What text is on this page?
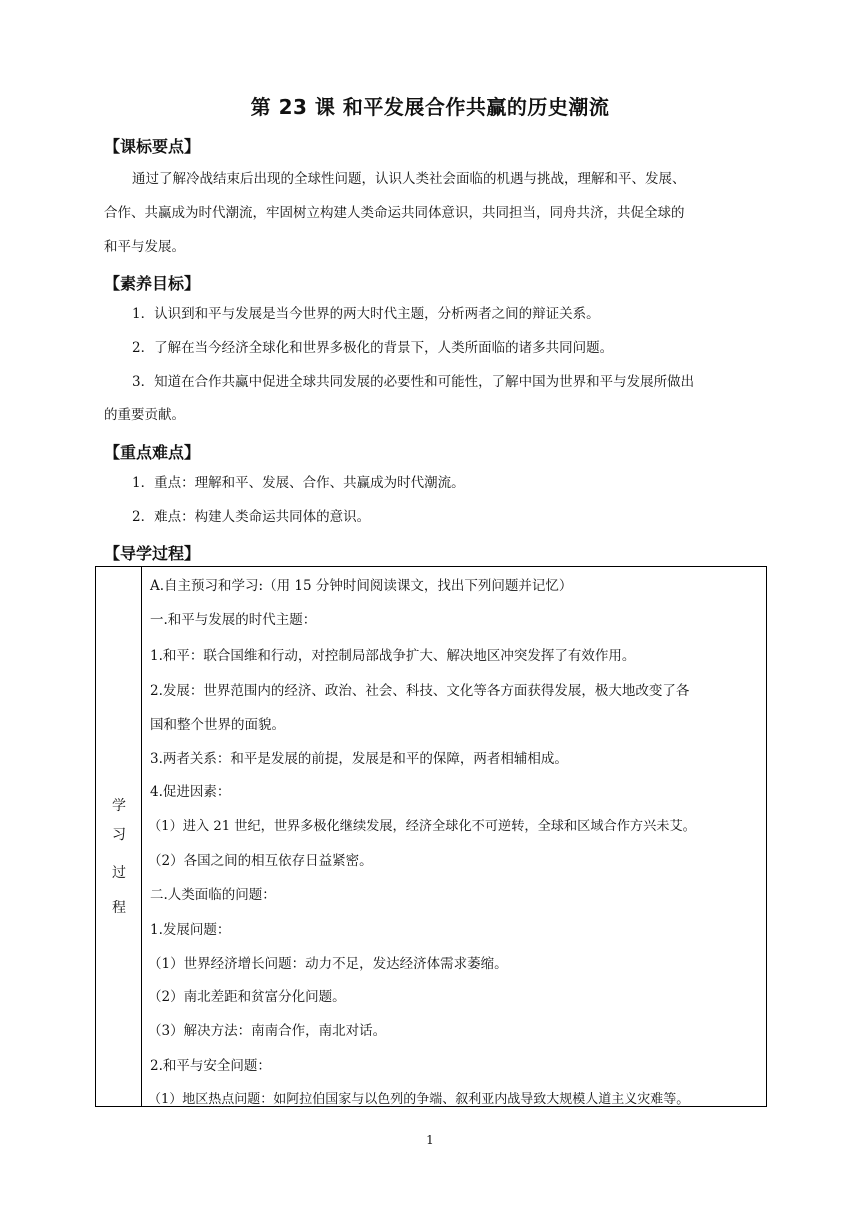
第 23 课 和平发展合作共赢的历史潮流
【课标要点】
通过了解冷战结束后出现的全球性问题，认识人类社会面临的机遇与挑战，理解和平、发展、
合作、共赢成为时代潮流，牢固树立构建人类命运共同体意识，共同担当，同舟共济，共促全球的
和平与发展。
【素养目标】
1．认识到和平与发展是当今世界的两大时代主题，分析两者之间的辩证关系。
2．了解在当今经济全球化和世界多极化的背景下，人类所面临的诸多共同问题。
3．知道在合作共赢中促进全球共同发展的必要性和可能性，了解中国为世界和平与发展所做出
的重要贡献。
【重点难点】
1．重点：理解和平、发展、合作、共赢成为时代潮流。
2．难点：构建人类命运共同体的意识。
【导学过程】
学
习
过
程
A.自主预习和学习:（用 15 分钟时间阅读课文，找出下列问题并记忆）
一.和平与发展的时代主题：
1.和平：联合国维和行动，对控制局部战争扩大、解决地区冲突发挥了有效作用。
2.发展：世界范围内的经济、政治、社会、科技、文化等各方面获得发展，极大地改变了各
国和整个世界的面貌。
3.两者关系：和平是发展的前提，发展是和平的保障，两者相辅相成。
4.促进因素：
（1）进入 21 世纪，世界多极化继续发展，经济全球化不可逆转，全球和区域合作方兴未艾。
（2）各国之间的相互依存日益紧密。
二.人类面临的问题：
1.发展问题：
（1）世界经济增长问题：动力不足，发达经济体需求萎缩。
（2）南北差距和贫富分化问题。
（3）解决方法：南南合作，南北对话。
2.和平与安全问题：
（1）地区热点问题：如阿拉伯国家与以色列的争端、叙利亚内战导致大规模人道主义灾难等。
1
